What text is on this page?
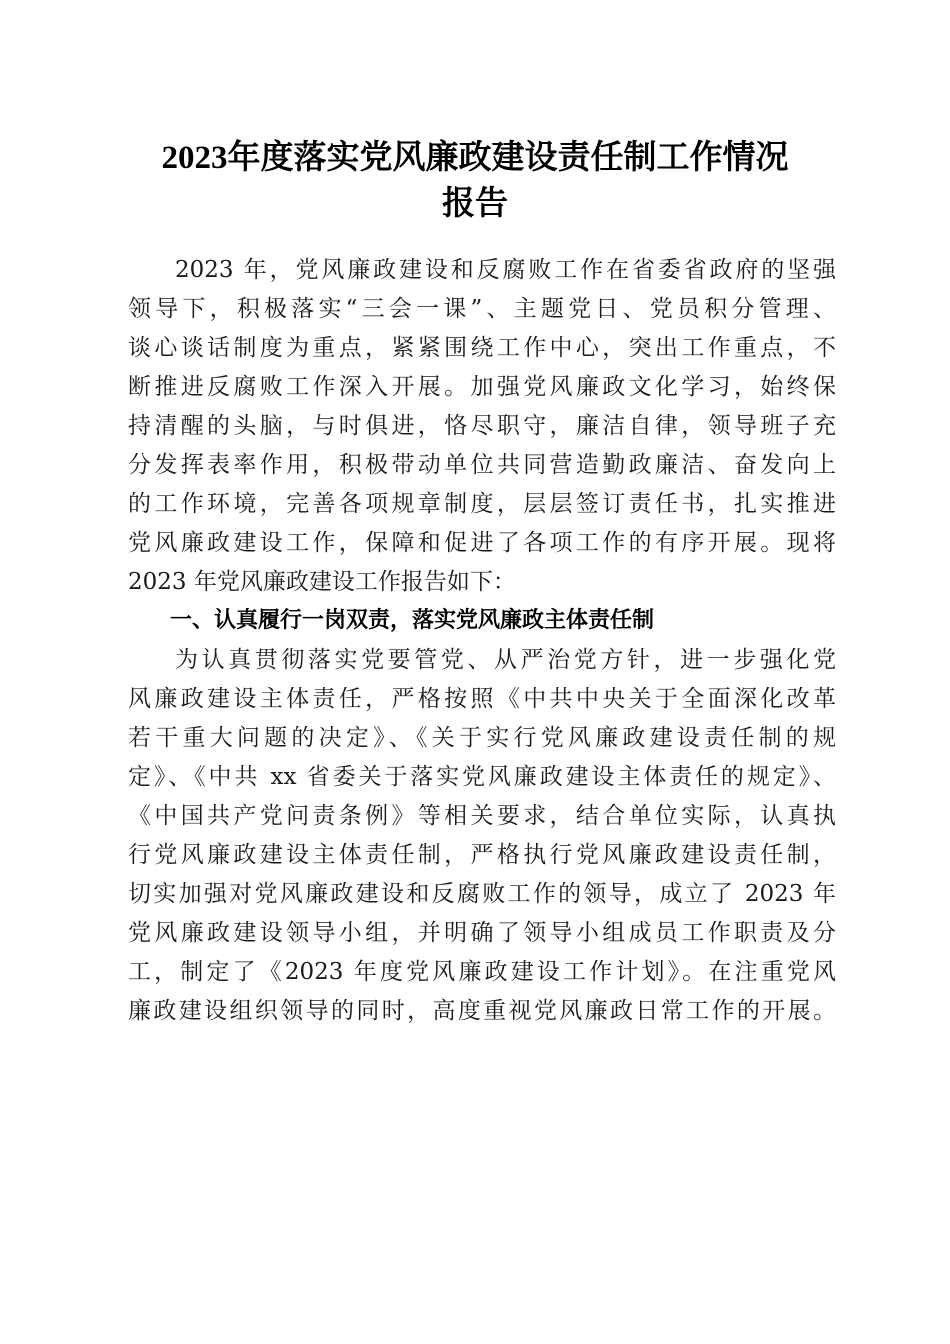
2023年度落实党风廉政建设责任制工作情况
报告
2023 年，党风廉政建设和反腐败工作在省委省政府的坚强
领导下，积极落实“三会一课”、主题党日、党员积分管理、
谈心谈话制度为重点，紧紧围绕工作中心，突出工作重点，不
断推进反腐败工作深入开展。加强党风廉政文化学习，始终保
持清醒的头脑，与时俱进，恪尽职守，廉洁自律，领导班子充
分发挥表率作用，积极带动单位共同营造勤政廉洁、奋发向上
的工作环境，完善各项规章制度，层层签订责任书，扎实推进
党风廉政建设工作，保障和促进了各项工作的有序开展。现将
2023 年党风廉政建设工作报告如下：
一、认真履行一岗双责，落实党风廉政主体责任制
为认真贯彻落实党要管党、从严治党方针，进一步强化党
风廉政建设主体责任，严格按照《中共中央关于全面深化改革
若干重大问题的决定》、《关于实行党风廉政建设责任制的规
定》、《中共 xx 省委关于落实党风廉政建设主体责任的规定》、
《中国共产党问责条例》等相关要求，结合单位实际，认真执
行党风廉政建设主体责任制，严格执行党风廉政建设责任制，
切实加强对党风廉政建设和反腐败工作的领导，成立了 2023 年
党风廉政建设领导小组，并明确了领导小组成员工作职责及分
工，制定了《2023 年度党风廉政建设工作计划》。在注重党风
廉政建设组织领导的同时，高度重视党风廉政日常工作的开展。
